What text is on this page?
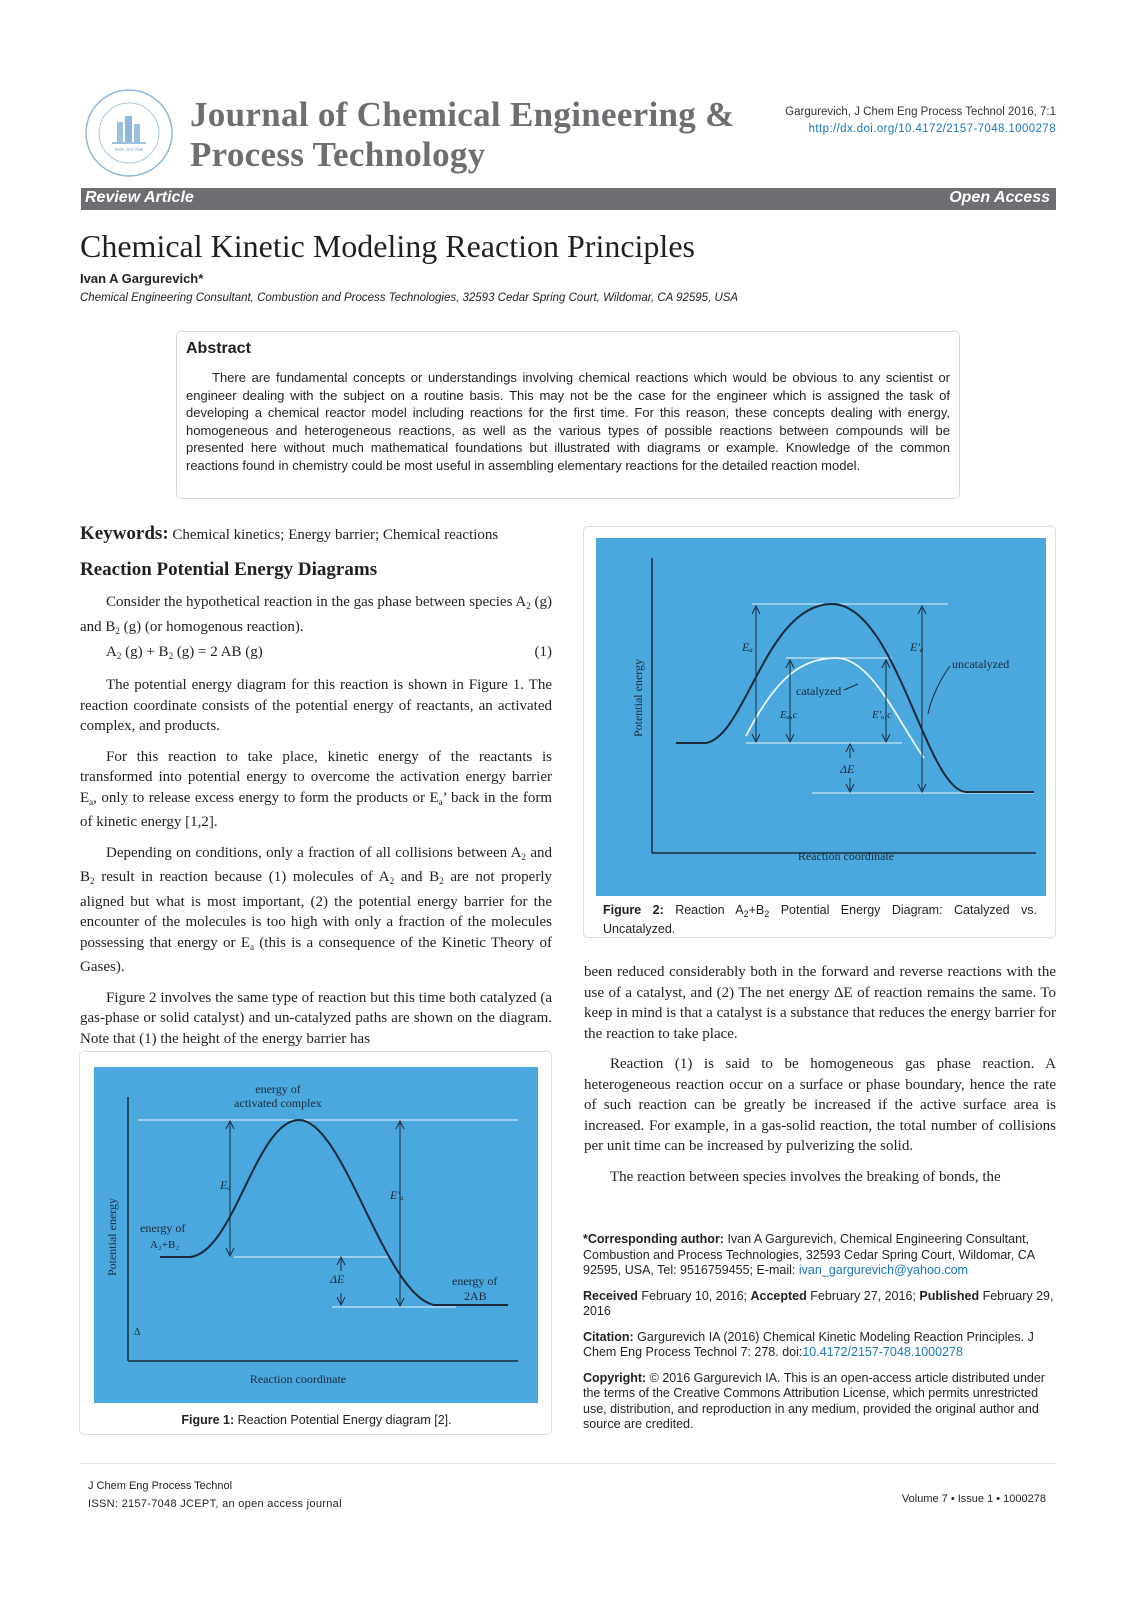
ISSN: 2157-7048
Journal of Chemical Engineering &
Process Technology
Gargurevich, J Chem Eng Process Technol 2016, 7:1
http://dx.doi.org/10.4172/2157-7048.1000278
Review Article	Open Access
Chemical Kinetic Modeling Reaction Principles
Ivan A Gargurevich*
Chemical Engineering Consultant, Combustion and Process Technologies, 32593 Cedar Spring Court, Wildomar, CA 92595, USA
Abstract
There are fundamental concepts or understandings involving chemical reactions which would be obvious to any scientist or engineer dealing with the subject on a routine basis. This may not be the case for the engineer which is assigned the task of developing a chemical reactor model including reactions for the first time. For this reason, these concepts dealing with energy, homogeneous and heterogeneous reactions, as well as the various types of possible reactions between compounds will be presented here without much mathematical foundations but illustrated with diagrams or example. Knowledge of the common reactions found in chemistry could be most useful in assembling elementary reactions for the detailed reaction model.
Keywords: Chemical kinetics; Energy barrier; Chemical reactions
Reaction Potential Energy Diagrams

Consider the hypothetical reaction in the gas phase between species $A_2$ (g) and $B_2$ (g) (or homogenous reaction).

$A_2$ $(g) + B_2$ (g) = 2 AB (g)	(1)

The potential energy diagram for this reaction is shown in Figure 1. The reaction coordinate consists of the potential energy of reactants, an activated complex, and products.

For this reaction to take place, kinetic energy of the reactants is transformed into potential energy to overcome the activation energy barrier $E_a$, only to release excess energy to form the products or $E_a$’ back in the form of kinetic energy [1,2].

Depending on conditions, only a fraction of all collisions between $A_2$ and $B_2$ result in reaction because (1) molecules of $A_2$ and $B_2$ are not properly aligned but what is most important, (2) the potential energy barrier for the encounter of the molecules is too high with only a fraction of the molecules possessing that energy or $E_a$ (this is a consequence of the Kinetic Theory of Gases).

Figure 2 involves the same type of reaction but this time both catalyzed (a gas-phase or solid catalyst) and un-catalyzed paths are shown on the diagram. Note that (1) the height of the energy barrier has

energy of
activated complex
energy of
A₂+B₂
energy of
2AB
Eₐ
E′ₐ
ΔE
Δ
Reaction coordinate
Potential energy
Figure 1: Reaction Potential Energy diagram [2].
uncatalyzed
catalyzed
Eₐ	E′ₐ
Eₐ,c	E′ₐ,c
ΔE
Reaction coordinate
Potential energy
Figure 2: Reaction $A_2+B_2$ Potential Energy Diagram: Catalyzed vs. Uncatalyzed.

been reduced considerably both in the forward and reverse reactions with the use of a catalyst, and (2) The net energy ΔE of reaction remains the same. To keep in mind is that a catalyst is a substance that reduces the energy barrier for the reaction to take place.

Reaction (1) is said to be homogeneous gas phase reaction. A heterogeneous reaction occur on a surface or phase boundary, hence the rate of such reaction can be greatly be increased if the active surface area is increased. For example, in a gas-solid reaction, the total number of collisions per unit time can be increased by pulverizing the solid.

The reaction between species involves the breaking of bonds, the

*Corresponding author: Ivan A Gargurevich, Chemical Engineering Consultant, Combustion and Process Technologies, 32593 Cedar Spring Court, Wildomar, CA 92595, USA, Tel: 9516759455; E-mail: ivan_gargurevich@yahoo.com

Received February 10, 2016; Accepted February 27, 2016; Published February 29, 2016

Citation: Gargurevich IA (2016) Chemical Kinetic Modeling Reaction Principles. J Chem Eng Process Technol 7: 278. doi:10.4172/2157-7048.1000278

Copyright: © 2016 Gargurevich IA. This is an open-access article distributed under the terms of the Creative Commons Attribution License, which permits unrestricted use, distribution, and reproduction in any medium, provided the original author and source are credited.

J Chem Eng Process Technol
ISSN: 2157-7048 JCEPT, an open access journal	Volume 7 • Issue 1 • 1000278
